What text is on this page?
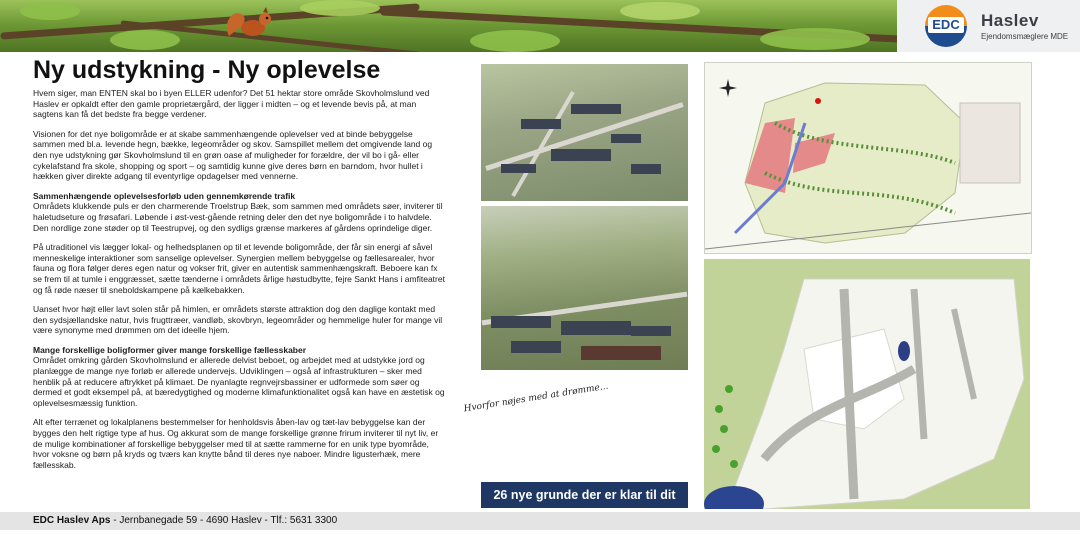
EDC Haslev
Ejendomsmæglere MDE
Ny udstykning - Ny oplevelse

Hvem siger, man ENTEN skal bo i byen ELLER udenfor? Det 51 hektar store område Skovholmslund ved Haslev er opkaldt efter den gamle proprietærgård, der ligger i midten – og et levende bevis på, at man sagtens kan få det bedste fra begge verdener.

Visionen for det nye boligområde er at skabe sammenhængende oplevelser ved at binde bebyggelse sammen med bl.a. levende hegn, bække, legeområder og skov. Samspillet mellem det omgivende land og den nye udstykning gør Skovholmslund til en grøn oase af muligheder for forældre, der vil bo i gå- eller cykelafstand fra skole, shopping og sport – og samtidig kunne give deres børn en barndom, hvor hullet i hækken giver direkte adgang til eventyrlige opdagelser med vennerne.

Sammenhængende oplevelsesforløb uden gennemkørende trafik

Områdets klukkende puls er den charmerende Troelstrup Bæk, som sammen med områdets søer, inviterer til haletudseture og frøsafari. Løbende i øst-vest-gående retning deler den det nye boligområde i to halvdele. Den nordlige zone støder op til Teestrupvej, og den sydligs grænse markeres af gårdens oprindelige diger.

På utraditionel vis lægger lokal- og helhedsplanen op til et levende boligområde, der får sin energi af såvel menneskelige interaktioner som sanselige oplevelser. Synergien mellem bebyggelse og fællesarealer, hvor fauna og flora følger deres egen natur og vokser frit, giver en autentisk sammenhængskraft. Beboere kan fx se frem til at tumle i enggræsset, sætte tænderne i områdets årlige høstudbytte, fejre Sankt Hans i amfiteatret og få røde næser til sneboldskampene på kælkebakken.

Uanset hvor højt eller lavt solen står på himlen, er områdets største attraktion dog den daglige kontakt med den sydsjællandske natur, hvis frugttræer, vandløb, skovbryn, legeområder og hemmelige huler for mange vil være synonyme med drømmen om det ideelle hjem.

Mange forskellige boligformer giver mange forskellige fællesskaber

Området omkring gården Skovholmslund er allerede delvist beboet, og arbejdet med at udstykke jord og planlægge de mange nye forløb er allerede undervejs. Udviklingen – også af infrastrukturen – sker med henblik på at reducere aftrykket på klimaet. De nyanlagte regnvejrsbassiner er udformede som søer og dermed et godt eksempel på, at bæredygtighed og moderne klimafunktionalitet også kan have en æstetisk og oplevelsesmæssig funktion.

Alt efter terrænet og lokalplanens bestemmelser for henholdsvis åben-lav og tæt-lav bebyggelse kan der bygges den helt rigtige type af hus. Og akkurat som de mange forskellige grønne frirum inviterer til nyt liv, er de mulige kombinationer af forskellige bebyggelser med til at sætte rammerne for en unik type byområde, hvor voksne og børn på kryds og tværs kan knytte bånd til deres nye naboer. Mindre ligusterhæk, mere fællesskab.

Hvorfor nøjes med at drømme...
26 nye grunde der er klar til dit
EDC Haslev Aps - Jernbanegade 59 - 4690 Haslev - Tlf.: 5631 3300
